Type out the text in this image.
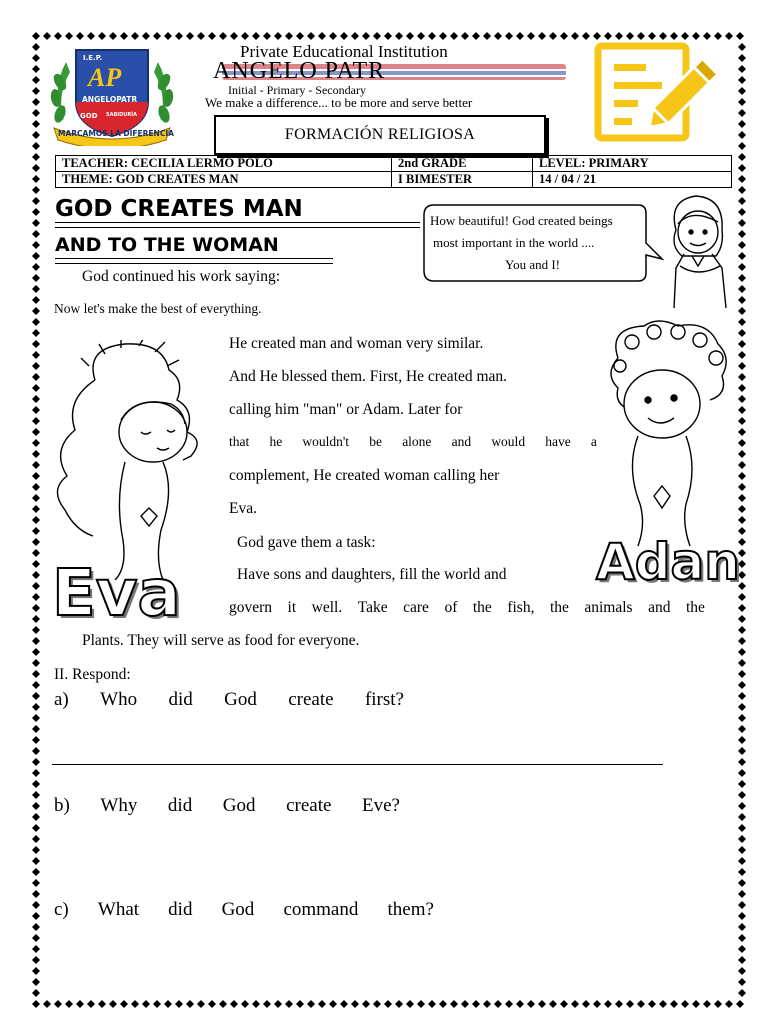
I.E.P.
AP
ANGELOPATR
GOD SABIDURÍA
MARCAMOS LA DIFERENCIA
Private Educational Institution
ANGELO PATR
Initial - Primary - Secondary
We make a difference... to be more and serve better
FORMACIÓN RELIGIOSA
TEACHER: CECILIA LERMO POLO	2nd GRADE	LEVEL: PRIMARY
THEME: GOD CREATES MAN	I BIMESTER	14 / 04 / 21
GOD CREATES MAN
AND TO THE WOMAN
How beautiful! God created beings
most important in the world ....
You and I!
God continued his work saying:
Now let's make the best of everything.
Eva	Adan
He created man and woman very similar.
And He blessed them. First, He created man.
calling him "man" or Adam. Later for
that he wouldn't be alone and would have a
complement, He created woman calling her
Eva.
God gave them a task:
Have sons and daughters, fill the world and
govern it well. Take care of the fish, the animals and the
Plants. They will serve as food for everyone.
II. Respond:
a) Who did God create first?
b) Why did God create Eve?
c) What did God command them?
